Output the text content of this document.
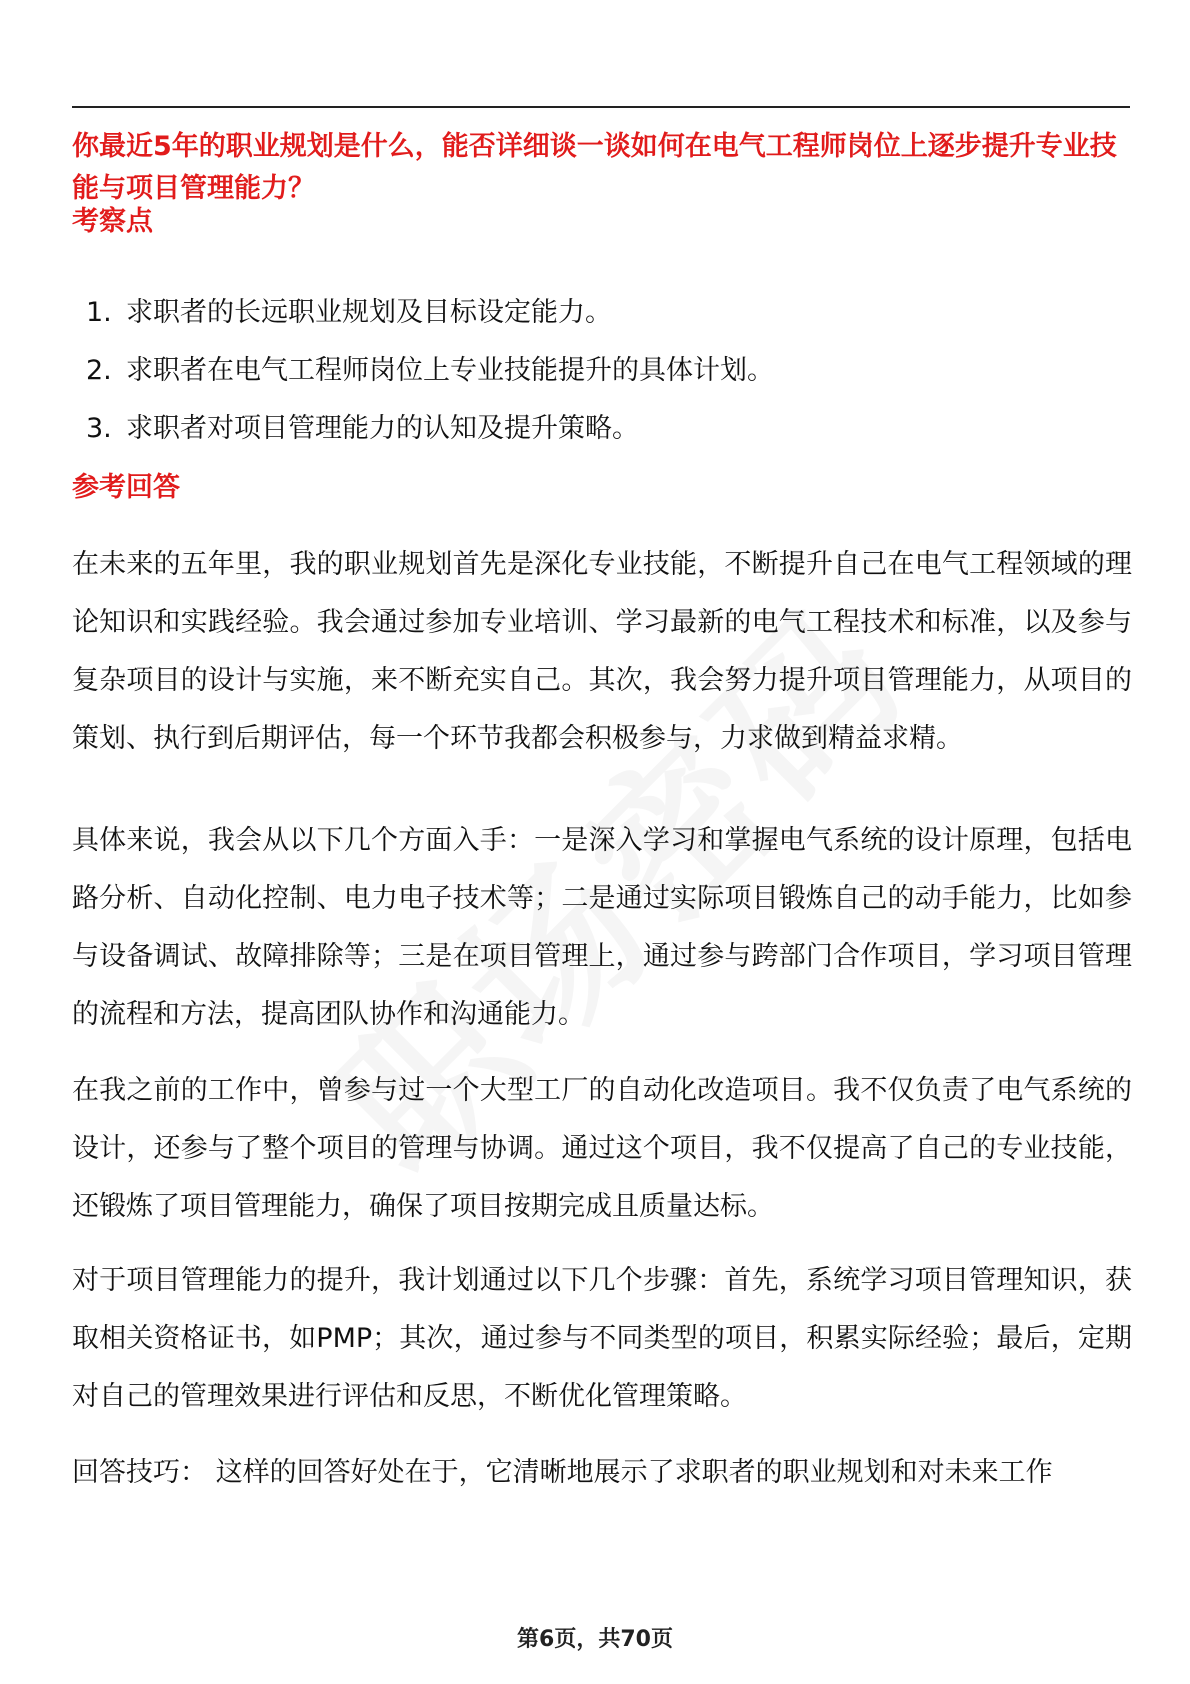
你最近5年的职业规划是什么，能否详细谈一谈如何在电气工程师岗位上逐步提升专业技能与项目管理能力？
考察点
1. 求职者的长远职业规划及目标设定能力。
2. 求职者在电气工程师岗位上专业技能提升的具体计划。
3. 求职者对项目管理能力的认知及提升策略。
参考回答

在未来的五年里，我的职业规划首先是深化专业技能，不断提升自己在电气工程领域的理论知识和实践经验。我会通过参加专业培训、学习最新的电气工程技术和标准，以及参与复杂项目的设计与实施，来不断充实自己。其次，我会努力提升项目管理能力，从项目的策划、执行到后期评估，每一个环节我都会积极参与，力求做到精益求精。

具体来说，我会从以下几个方面入手：一是深入学习和掌握电气系统的设计原理，包括电路分析、自动化控制、电力电子技术等；二是通过实际项目锻炼自己的动手能力，比如参与设备调试、故障排除等；三是在项目管理上，通过参与跨部门合作项目，学习项目管理的流程和方法，提高团队协作和沟通能力。

在我之前的工作中，曾参与过一个大型工厂的自动化改造项目。我不仅负责了电气系统的设计，还参与了整个项目的管理与协调。通过这个项目，我不仅提高了自己的专业技能，还锻炼了项目管理能力，确保了项目按期完成且质量达标。

对于项目管理能力的提升，我计划通过以下几个步骤：首先，系统学习项目管理知识，获取相关资格证书，如PMP；其次，通过参与不同类型的项目，积累实际经验；最后，定期对自己的管理效果进行评估和反思，不断优化管理策略。

回答技巧： 这样的回答好处在于，它清晰地展示了求职者的职业规划和对未来工作

第6页，共70页
